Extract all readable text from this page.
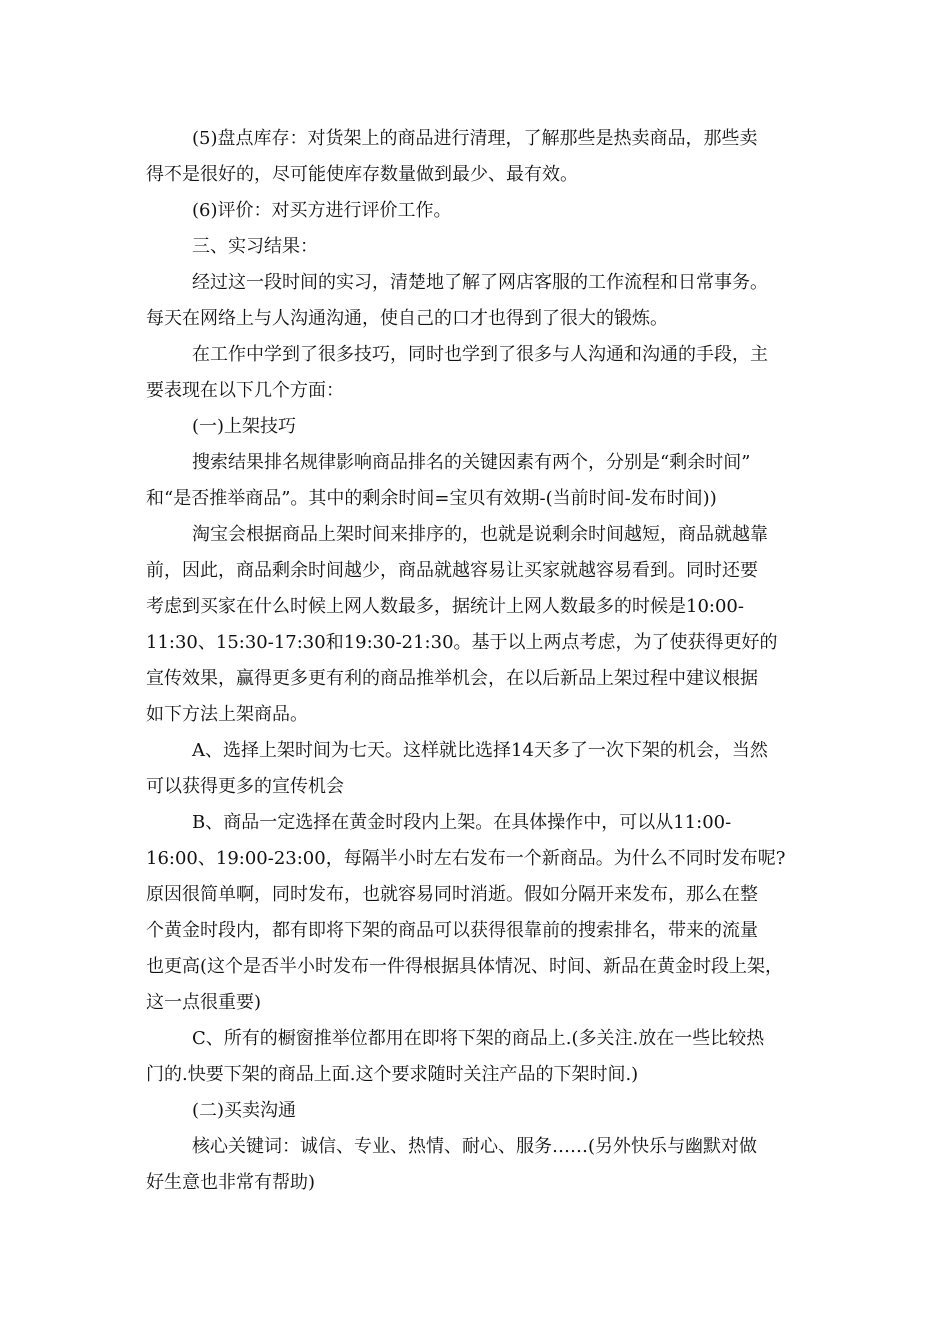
(5)盘点库存：对货架上的商品进行清理，了解那些是热卖商品，那些卖
得不是很好的，尽可能使库存数量做到最少、最有效。

(6)评价：对买方进行评价工作。

三、实习结果：

经过这一段时间的实习，清楚地了解了网店客服的工作流程和日常事务。
每天在网络上与人沟通沟通，使自己的口才也得到了很大的锻炼。

在工作中学到了很多技巧，同时也学到了很多与人沟通和沟通的手段，主
要表现在以下几个方面：

(一)上架技巧

搜索结果排名规律影响商品排名的关键因素有两个，分别是“剩余时间”
和“是否推举商品”。其中的剩余时间=宝贝有效期-(当前时间-发布时间))

淘宝会根据商品上架时间来排序的，也就是说剩余时间越短，商品就越靠
前，因此，商品剩余时间越少，商品就越容易让买家就越容易看到。同时还要
考虑到买家在什么时候上网人数最多，据统计上网人数最多的时候是10:00-
11:30、15:30-17:30和19:30-21:30。基于以上两点考虑，为了使获得更好的
宣传效果，赢得更多更有利的商品推举机会，在以后新品上架过程中建议根据
如下方法上架商品。

A、选择上架时间为七天。这样就比选择14天多了一次下架的机会，当然
可以获得更多的宣传机会

B、商品一定选择在黄金时段内上架。在具体操作中，可以从11:00-
16:00、19:00-23:00，每隔半小时左右发布一个新商品。为什么不同时发布呢?
原因很简单啊，同时发布，也就容易同时消逝。假如分隔开来发布，那么在整
个黄金时段内，都有即将下架的商品可以获得很靠前的搜索排名，带来的流量
也更高(这个是否半小时发布一件得根据具体情况、时间、新品在黄金时段上架，
这一点很重要)

C、所有的橱窗推举位都用在即将下架的商品上.(多关注.放在一些比较热
门的.快要下架的商品上面.这个要求随时关注产品的下架时间.)

(二)买卖沟通

核心关键词：诚信、专业、热情、耐心、服务……(另外快乐与幽默对做
好生意也非常有帮助)
